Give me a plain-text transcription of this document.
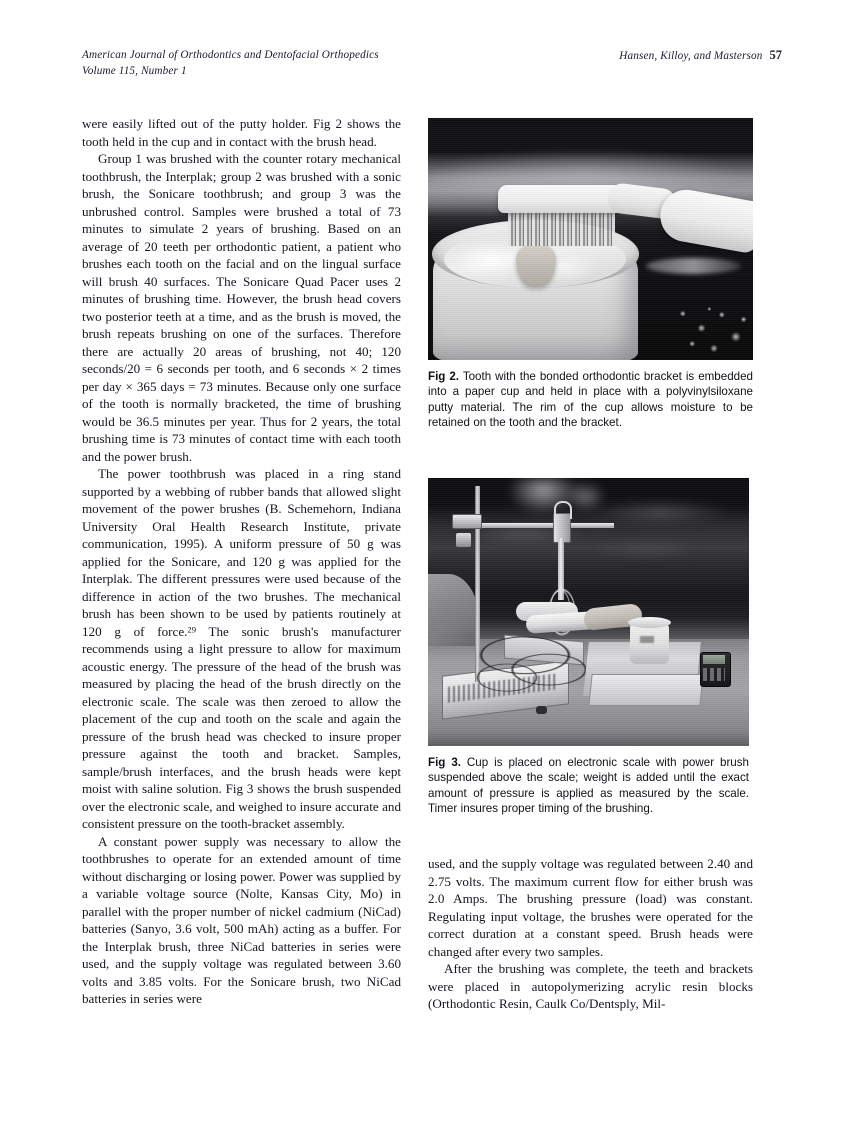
American Journal of Orthodontics and Dentofacial Orthopedics
Volume 115, Number 1
Hansen, Killoy, and Masterson 57

were easily lifted out of the putty holder. Fig 2 shows the tooth held in the cup and in contact with the brush head.

Group 1 was brushed with the counter rotary mechanical toothbrush, the Interplak; group 2 was brushed with a sonic brush, the Sonicare toothbrush; and group 3 was the unbrushed control. Samples were brushed a total of 73 minutes to simulate 2 years of brushing. Based on an average of 20 teeth per orthodontic patient, a patient who brushes each tooth on the facial and on the lingual surface will brush 40 surfaces. The Sonicare Quad Pacer uses 2 minutes of brushing time. However, the brush head covers two posterior teeth at a time, and as the brush is moved, the brush repeats brushing on one of the surfaces. Therefore there are actually 20 areas of brushing, not 40; 120 seconds/20 = 6 seconds per tooth, and 6 seconds × 2 times per day × 365 days = 73 minutes. Because only one surface of the tooth is normally bracketed, the time of brushing would be 36.5 minutes per year. Thus for 2 years, the total brushing time is 73 minutes of contact time with each tooth and the power brush.

The power toothbrush was placed in a ring stand supported by a webbing of rubber bands that allowed slight movement of the power brushes (B. Schemehorn, Indiana University Oral Health Research Institute, private communication, 1995). A uniform pressure of 50 g was applied for the Sonicare, and 120 g was applied for the Interplak. The different pressures were used because of the difference in action of the two brushes. The mechanical brush has been shown to be used by patients routinely at 120 g of force.$^{29}$ The sonic brush's manufacturer recommends using a light pressure to allow for maximum acoustic energy. The pressure of the head of the brush was measured by placing the head of the brush directly on the electronic scale. The scale was then zeroed to allow the placement of the cup and tooth on the scale and again the pressure of the brush head was checked to insure proper pressure against the tooth and bracket. Samples, sample/brush interfaces, and the brush heads were kept moist with saline solution. Fig 3 shows the brush suspended over the electronic scale, and weighed to insure accurate and consistent pressure on the tooth-bracket assembly.

A constant power supply was necessary to allow the toothbrushes to operate for an extended amount of time without discharging or losing power. Power was supplied by a variable voltage source (Nolte, Kansas City, Mo) in parallel with the proper number of nickel cadmium (NiCad) batteries (Sanyo, 3.6 volt, 500 mAh) acting as a buffer. For the Interplak brush, three NiCad batteries in series were used, and the supply voltage was regulated between 3.60 volts and 3.85 volts. For the Sonicare brush, two NiCad batteries in series were

Fig 2. Tooth with the bonded orthodontic bracket is embedded into a paper cup and held in place with a polyvinylsiloxane putty material. The rim of the cup allows moisture to be retained on the tooth and the bracket.

Fig 3. Cup is placed on electronic scale with power brush suspended above the scale; weight is added until the exact amount of pressure is applied as measured by the scale. Timer insures proper timing of the brushing.

used, and the supply voltage was regulated between 2.40 and 2.75 volts. The maximum current flow for either brush was 2.0 Amps. The brushing pressure (load) was constant. Regulating input voltage, the brushes were operated for the correct duration at a constant speed. Brush heads were changed after every two samples.

After the brushing was complete, the teeth and brackets were placed in autopolymerizing acrylic resin blocks (Orthodontic Resin, Caulk Co/Dentsply, Mil-
